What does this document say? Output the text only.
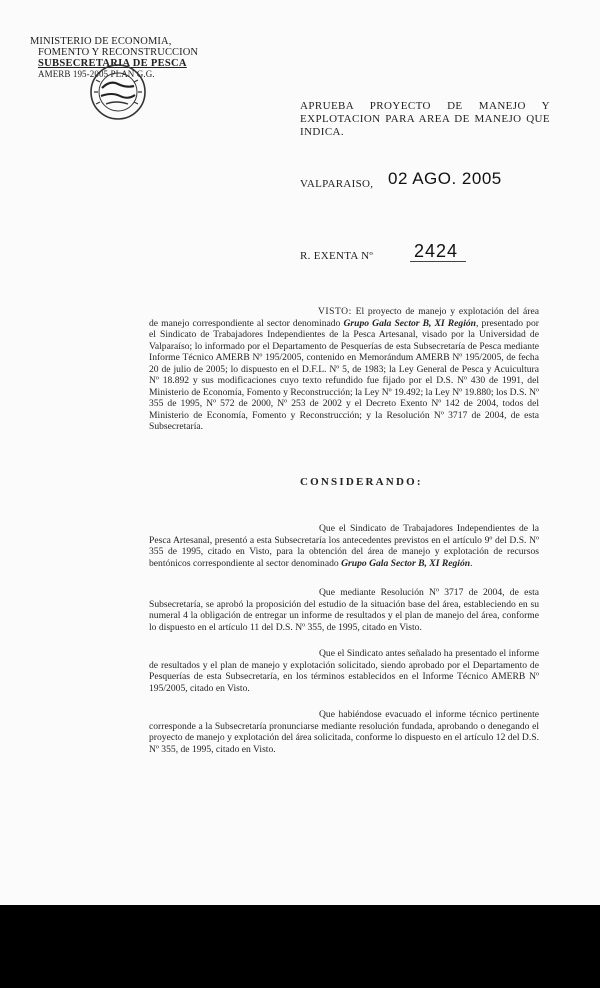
MINISTERIO DE ECONOMIA,
FOMENTO Y RECONSTRUCCION
SUBSECRETARIA DE PESCA
AMERB 195-2005 PLAN G.G.
APRUEBA PROYECTO DE MANEJO Y EXPLOTACION PARA AREA DE MANEJO QUE INDICA.
VALPARAISO, 02 AGO. 2005
R. EXENTA Nº 2424
VISTO: El proyecto de manejo y explotación del área de manejo correspondiente al sector denominado Grupo Gala Sector B, XI Región, presentado por el Sindicato de Trabajadores Independientes de la Pesca Artesanal, visado por la Universidad de Valparaíso; lo informado por el Departamento de Pesquerías de esta Subsecretaría de Pesca mediante Informe Técnico AMERB Nº 195/2005, contenido en Memorándum AMERB Nº 195/2005, de fecha 20 de julio de 2005; lo dispuesto en el D.F.L. Nº 5, de 1983; la Ley General de Pesca y Acuicultura Nº 18.892 y sus modificaciones cuyo texto refundido fue fijado por el D.S. Nº 430 de 1991, del Ministerio de Economía, Fomento y Reconstrucción; la Ley Nº 19.492; la Ley Nº 19.880; los D.S. Nº 355 de 1995, Nº 572 de 2000, Nº 253 de 2002 y el Decreto Exento Nº 142 de 2004, todos del Ministerio de Economía, Fomento y Reconstrucción; y la Resolución Nº 3717 de 2004, de esta Subsecretaría.
CONSIDERANDO:
Que el Sindicato de Trabajadores Independientes de la Pesca Artesanal, presentó a esta Subsecretaría los antecedentes previstos en el artículo 9º del D.S. Nº 355 de 1995, citado en Visto, para la obtención del área de manejo y explotación de recursos bentónicos correspondiente al sector denominado Grupo Gala Sector B, XI Región.
Que mediante Resolución Nº 3717 de 2004, de esta Subsecretaría, se aprobó la proposición del estudio de la situación base del área, estableciendo en su numeral 4 la obligación de entregar un informe de resultados y el plan de manejo del área, conforme lo dispuesto en el artículo 11 del D.S. Nº 355, de 1995, citado en Visto.
Que el Sindicato antes señalado ha presentado el informe de resultados y el plan de manejo y explotación solicitado, siendo aprobado por el Departamento de Pesquerías de esta Subsecretaría, en los términos establecidos en el Informe Técnico AMERB Nº 195/2005, citado en Visto.
Que habiéndose evacuado el informe técnico pertinente corresponde a la Subsecretaría pronunciarse mediante resolución fundada, aprobando o denegando el proyecto de manejo y explotación del área solicitada, conforme lo dispuesto en el artículo 12 del D.S. Nº 355, de 1995, citado en Visto.
